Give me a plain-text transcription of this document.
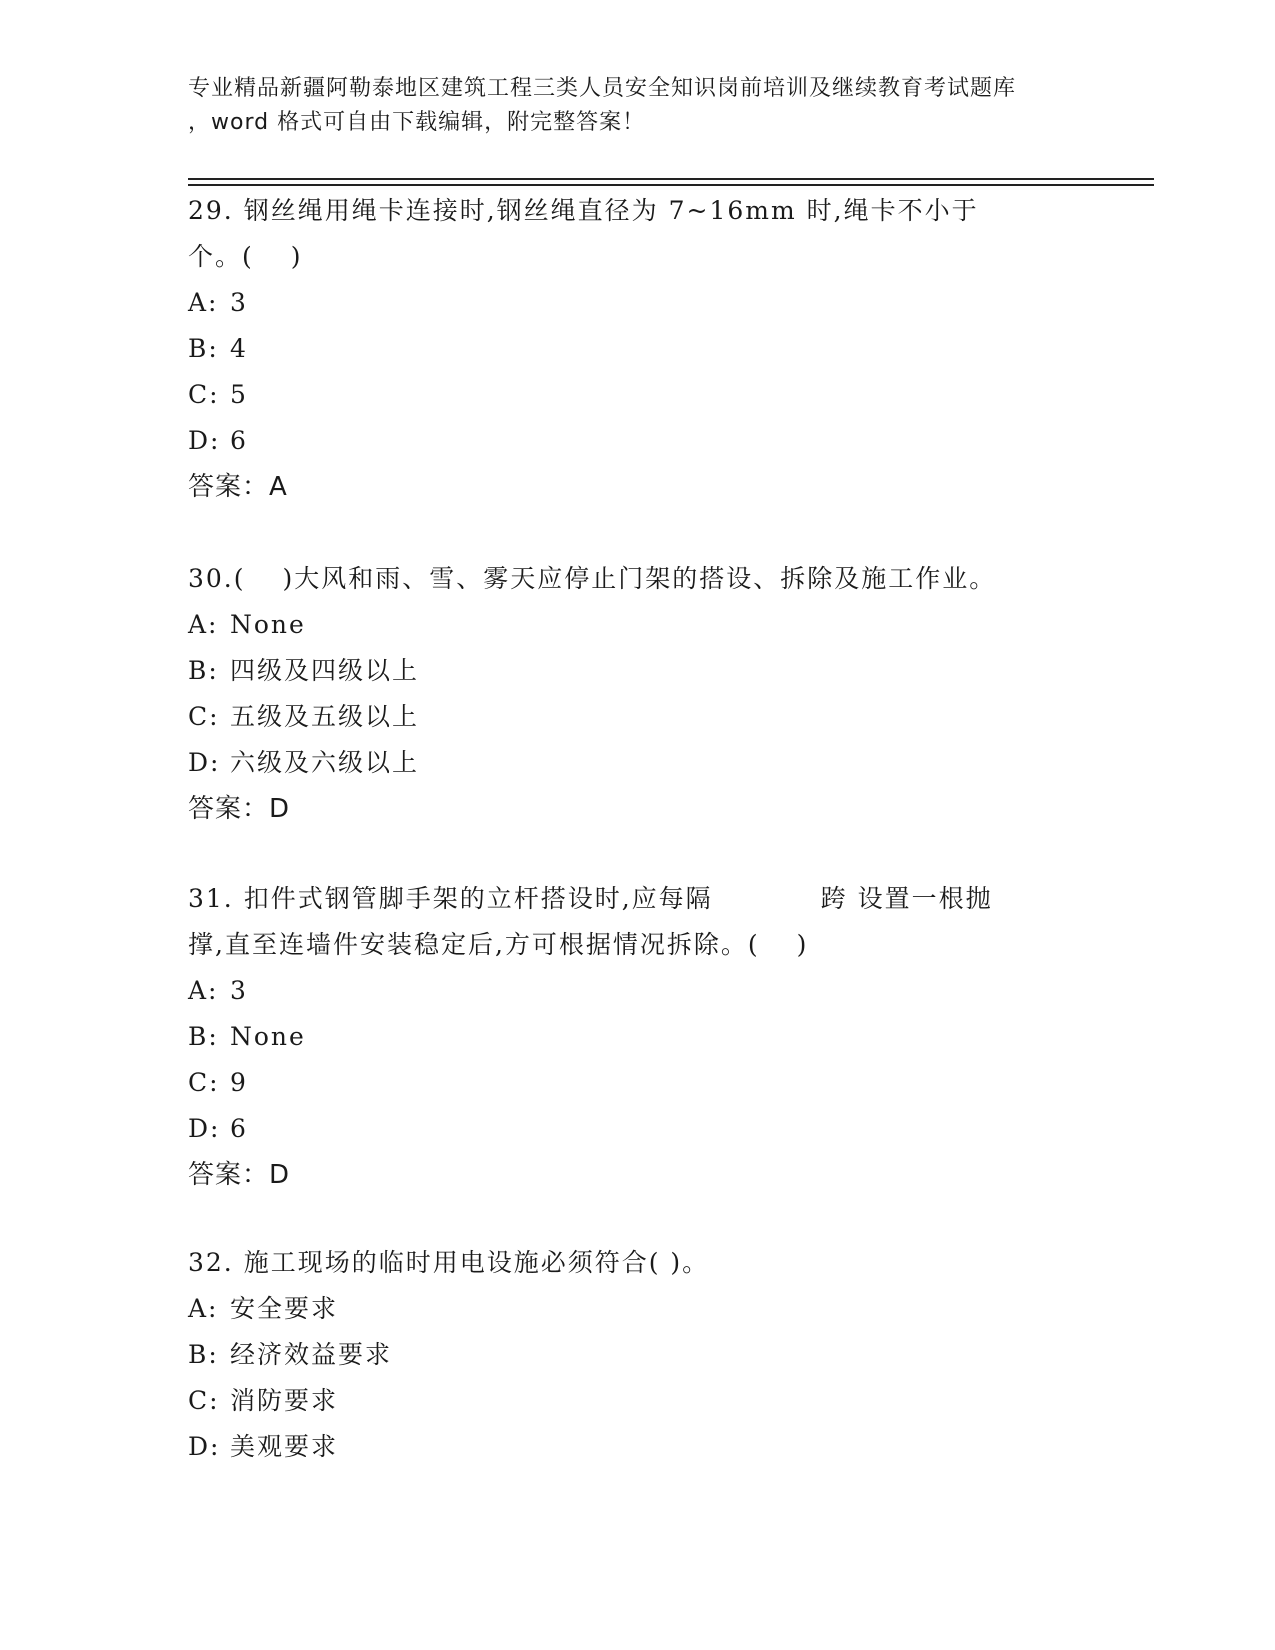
专业精品新疆阿勒泰地区建筑工程三类人员安全知识岗前培训及继续教育考试题库
，word 格式可自由下载编辑，附完整答案！
29. 钢丝绳用绳卡连接时,钢丝绳直径为 7~16mm 时,绳卡不小于
个。(　 )
A: 3
B: 4
C: 5
D: 6
答案：A
30.(　 )大风和雨、雪、雾天应停止门架的搭设、拆除及施工作业。
A: None
B: 四级及四级以上
C: 五级及五级以上
D: 六级及六级以上
答案：D
31. 扣件式钢管脚手架的立杆搭设时,应每隔	跨 设置一根抛
撑,直至连墙件安装稳定后,方可根据情况拆除。(　 )
A: 3
B: None
C: 9
D: 6
答案：D
32. 施工现场的临时用电设施必须符合( )。
A: 安全要求
B: 经济效益要求
C: 消防要求
D: 美观要求
